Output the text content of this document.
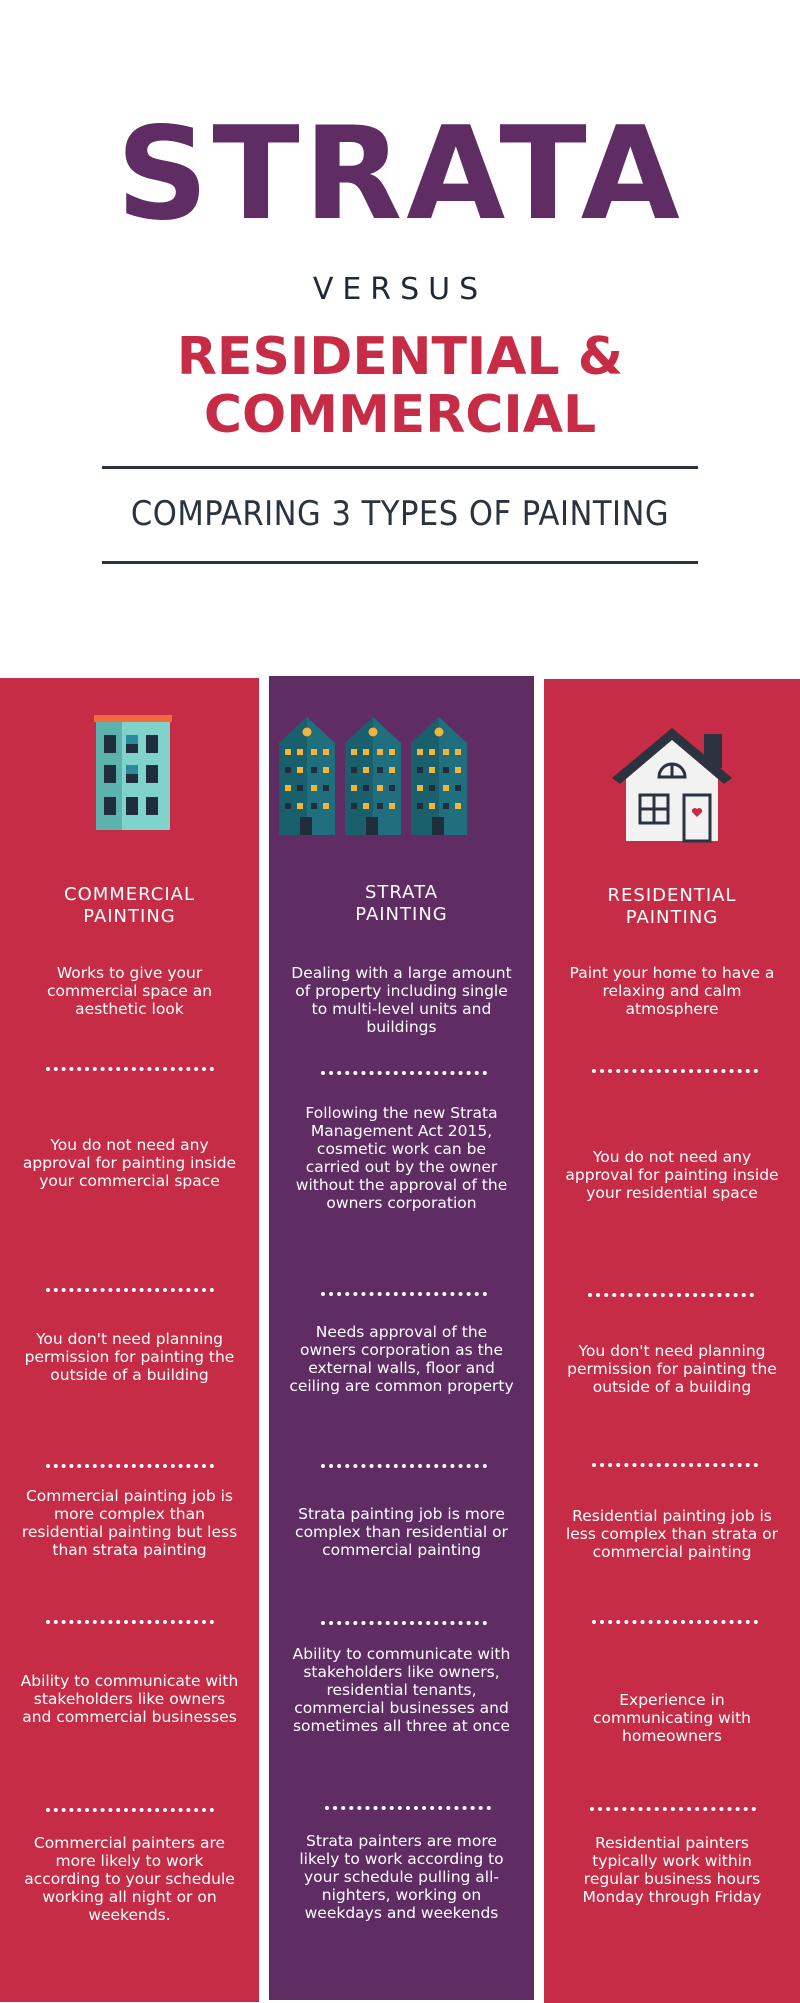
STRATA
VERSUS
RESIDENTIAL &
COMMERCIAL
COMPARING 3 TYPES OF PAINTING
COMMERCIAL
PAINTING
Works to give your commercial space an aesthetic look
You do not need any approval for painting inside your commercial space
You don't need planning permission for painting the outside of a building
Commercial painting job is more complex than residential painting but less than strata painting
Ability to communicate with stakeholders like owners and commercial businesses
Commercial painters are more likely to work according to your schedule working all night or on weekends.
STRATA
PAINTING
Dealing with a large amount of property including single to multi-level units and buildings
Following the new Strata Management Act 2015, cosmetic work can be carried out by the owner without the approval of the owners corporation
Needs approval of the owners corporation as the external walls, floor and ceiling are common property
Strata painting job is more complex than residential or commercial painting
Ability to communicate with stakeholders like owners, residential tenants, commercial businesses and sometimes all three at once
Strata painters are more likely to work according to your schedule pulling all-nighters, working on weekdays and weekends
RESIDENTIAL
PAINTING
Paint your home to have a relaxing and calm atmosphere
You do not need any approval for painting inside your residential space
You don't need planning permission for painting the outside of a building
Residential painting job is less complex than strata or commercial painting
Experience in communicating with homeowners
Residential painters typically work within regular business hours Monday through Friday
